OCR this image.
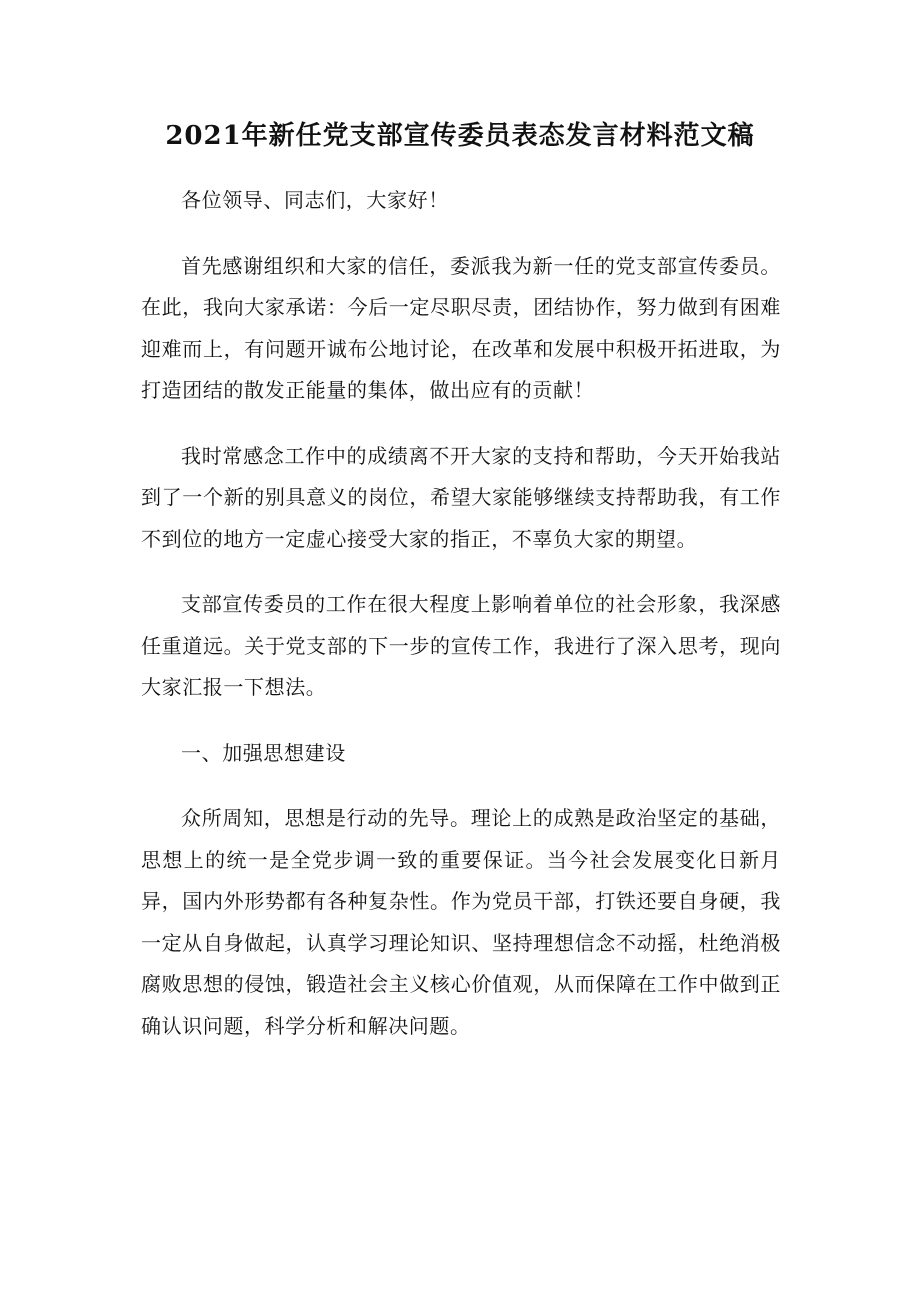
2021年新任党支部宣传委员表态发言材料范文稿

各位领导、同志们，大家好！

首先感谢组织和大家的信任，委派我为新一任的党支部宣传委员。在此，我向大家承诺：今后一定尽职尽责，团结协作，努力做到有困难迎难而上，有问题开诚布公地讨论，在改革和发展中积极开拓进取，为打造团结的散发正能量的集体，做出应有的贡献！

我时常感念工作中的成绩离不开大家的支持和帮助，今天开始我站到了一个新的别具意义的岗位，希望大家能够继续支持帮助我，有工作不到位的地方一定虚心接受大家的指正，不辜负大家的期望。

支部宣传委员的工作在很大程度上影响着单位的社会形象，我深感任重道远。关于党支部的下一步的宣传工作，我进行了深入思考，现向大家汇报一下想法。

一、加强思想建设

众所周知，思想是行动的先导。理论上的成熟是政治坚定的基础，思想上的统一是全党步调一致的重要保证。当今社会发展变化日新月异，国内外形势都有各种复杂性。作为党员干部，打铁还要自身硬，我一定从自身做起，认真学习理论知识、坚持理想信念不动摇，杜绝消极腐败思想的侵蚀，锻造社会主义核心价值观，从而保障在工作中做到正确认识问题，科学分析和解决问题。
